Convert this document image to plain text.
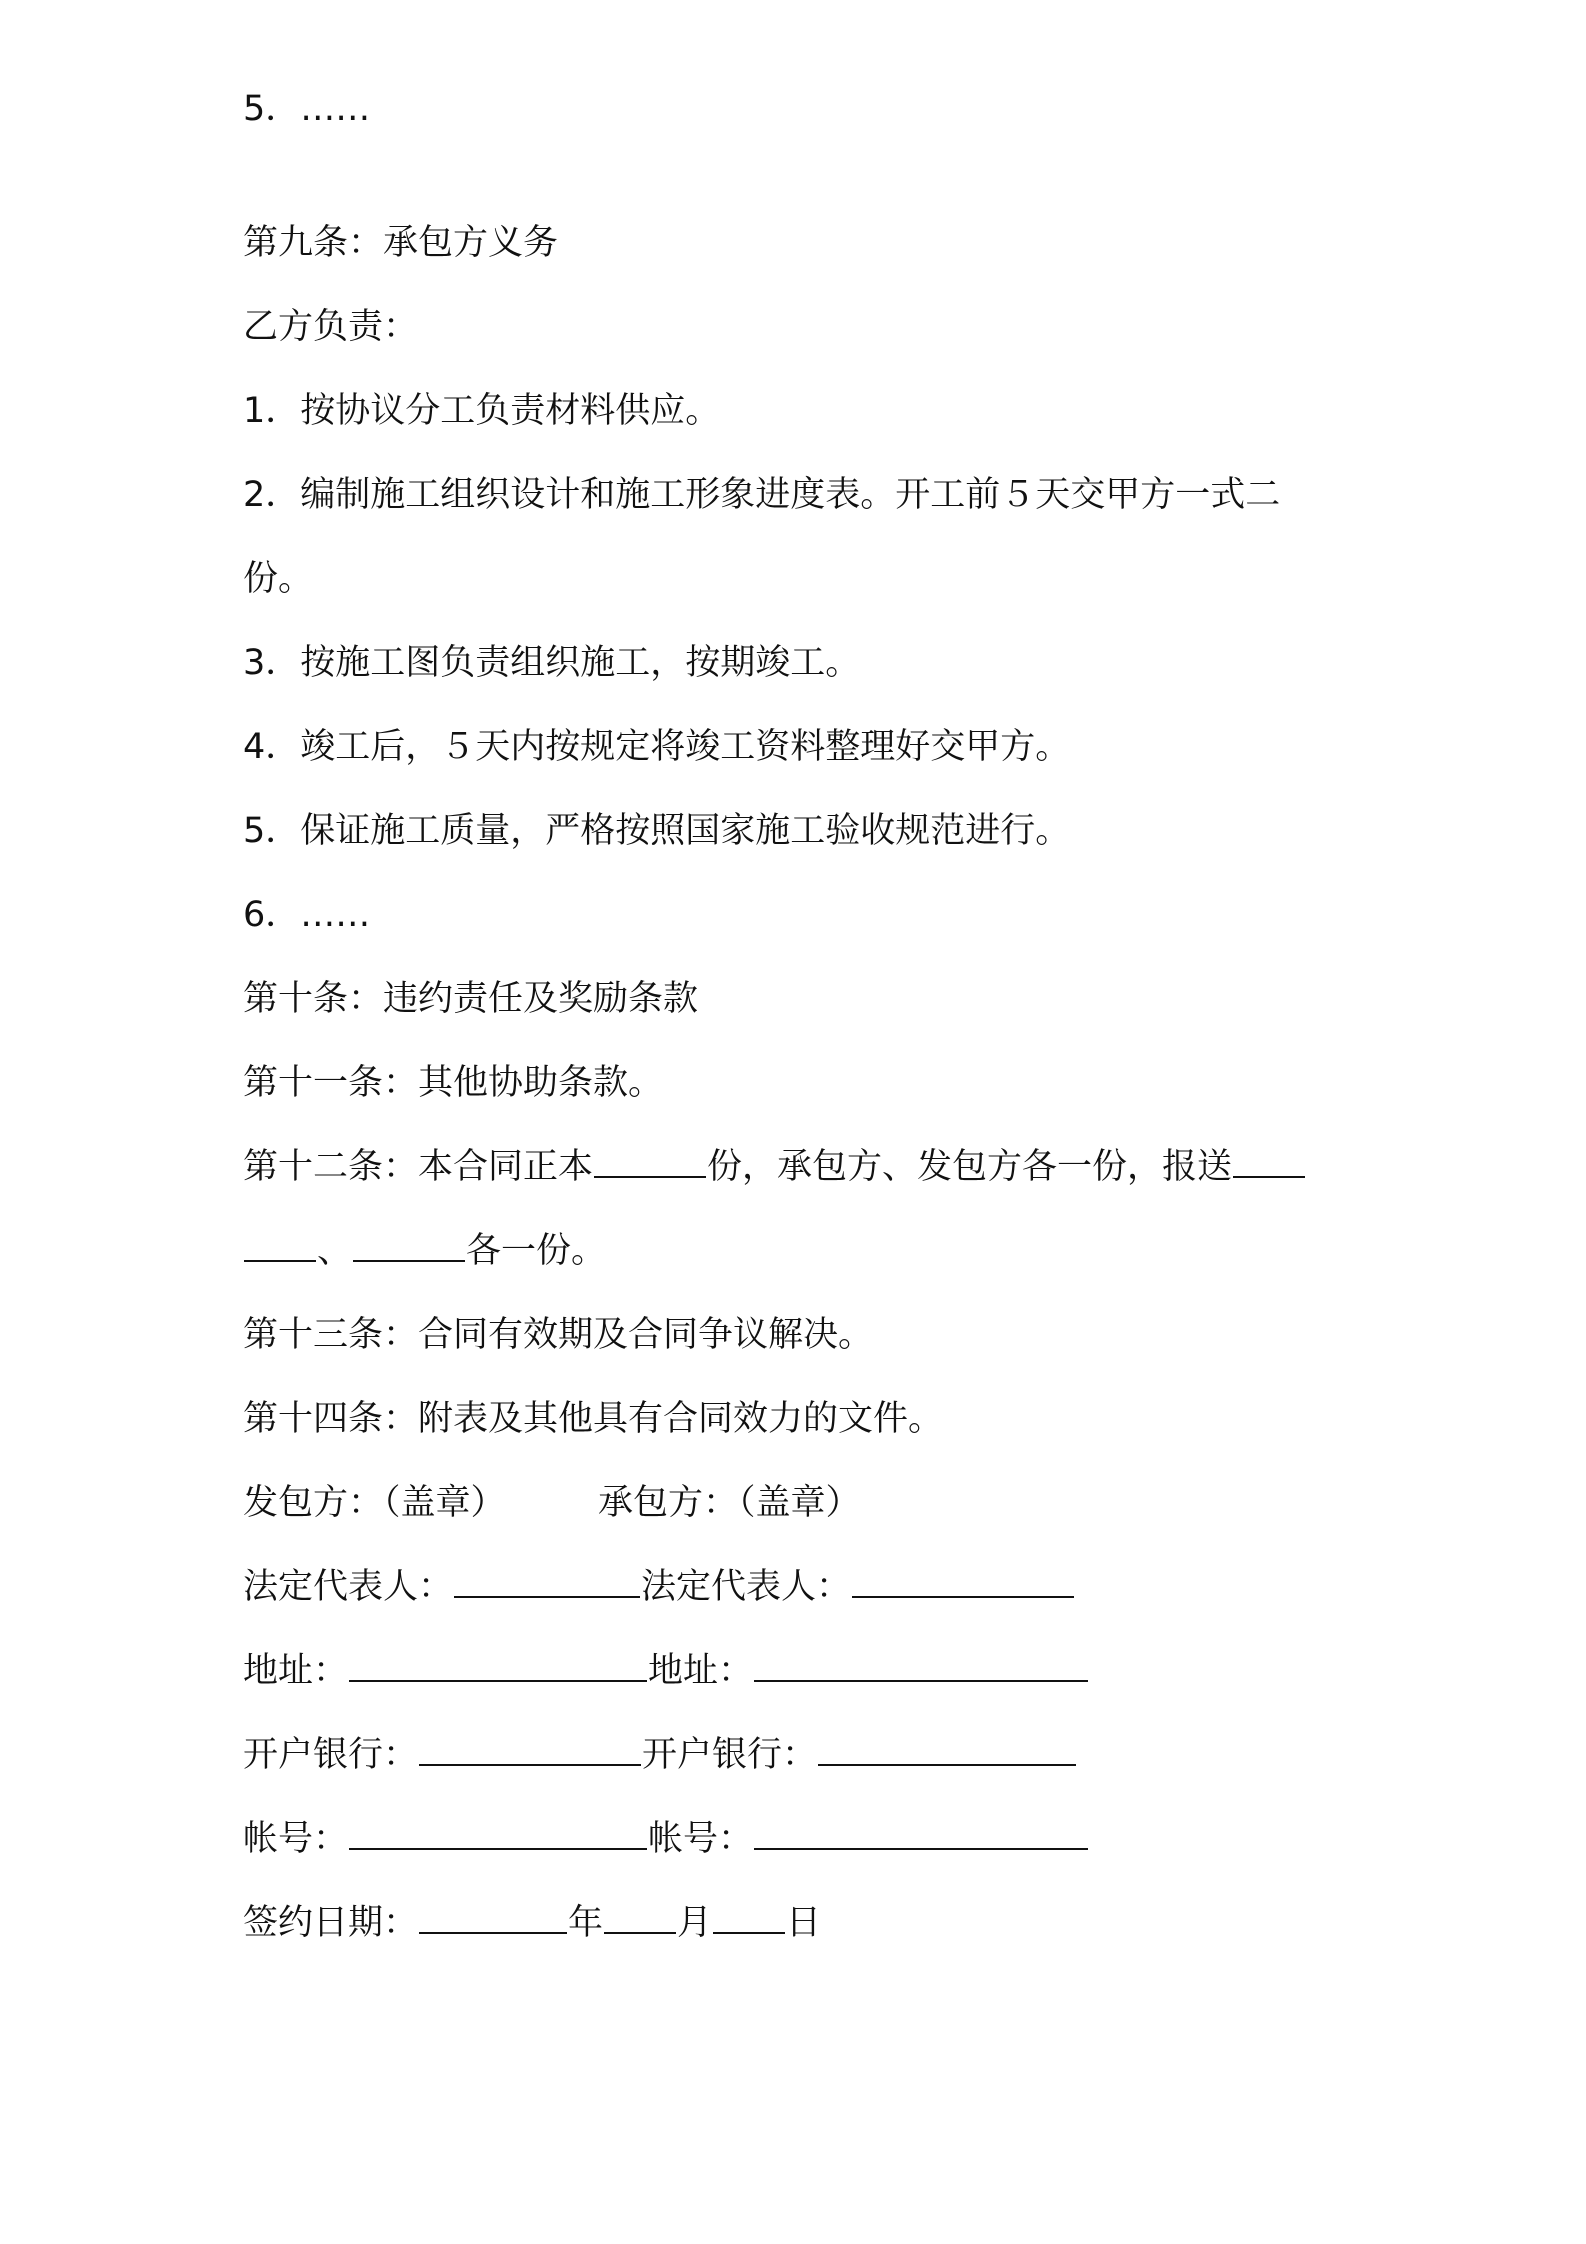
5．……
第九条：承包方义务
乙方负责：
1．按协议分工负责材料供应。
2．编制施工组织设计和施工形象进度表。开工前５天交甲方一式二
份。
3．按施工图负责组织施工，按期竣工。
4．竣工后，５天内按规定将竣工资料整理好交甲方。
5．保证施工质量，严格按照国家施工验收规范进行。
6．……
第十条：违约责任及奖励条款
第十一条：其他协助条款。
第十二条：本合同正本	份，承包方、发包方各一份，报送
、	各一份。
第十三条：合同有效期及合同争议解决。
第十四条：附表及其他具有合同效力的文件。
发包方：（盖章）	承包方：（盖章）
法定代表人：	法定代表人：
地址：	地址：
开户银行：	开户银行：
帐号：	帐号：
签约日期：	年 月 日
